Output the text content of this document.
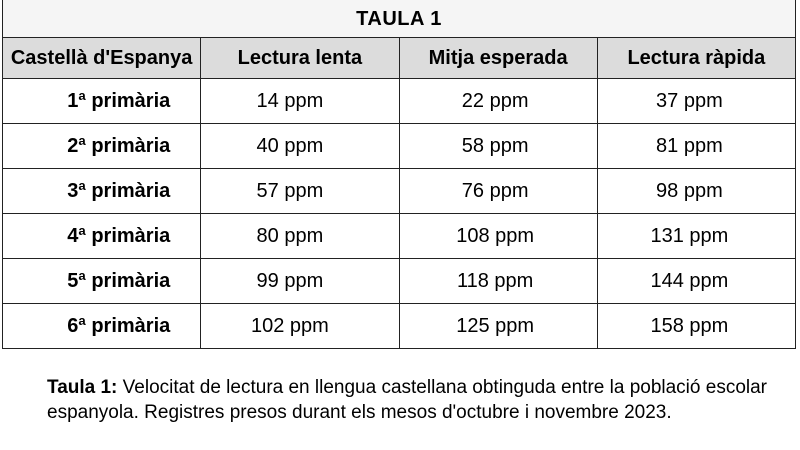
TAULA 1			
Castellà d'Espanya	Lectura lenta	Mitja esperada	Lectura ràpida
1ª primària	14 ppm	22 ppm	37 ppm
2ª primària	40 ppm	58 ppm	81 ppm
3ª primària	57 ppm	76 ppm	98 ppm
4ª primària	80 ppm	108 ppm	131 ppm
5ª primària	99 ppm	118 ppm	144 ppm
6ª primària	102 ppm	125 ppm	158 ppm

Taula 1: Velocitat de lectura en llengua castellana obtinguda entre la població escolar espanyola. Registres presos durant els mesos d'octubre i novembre 2023.
